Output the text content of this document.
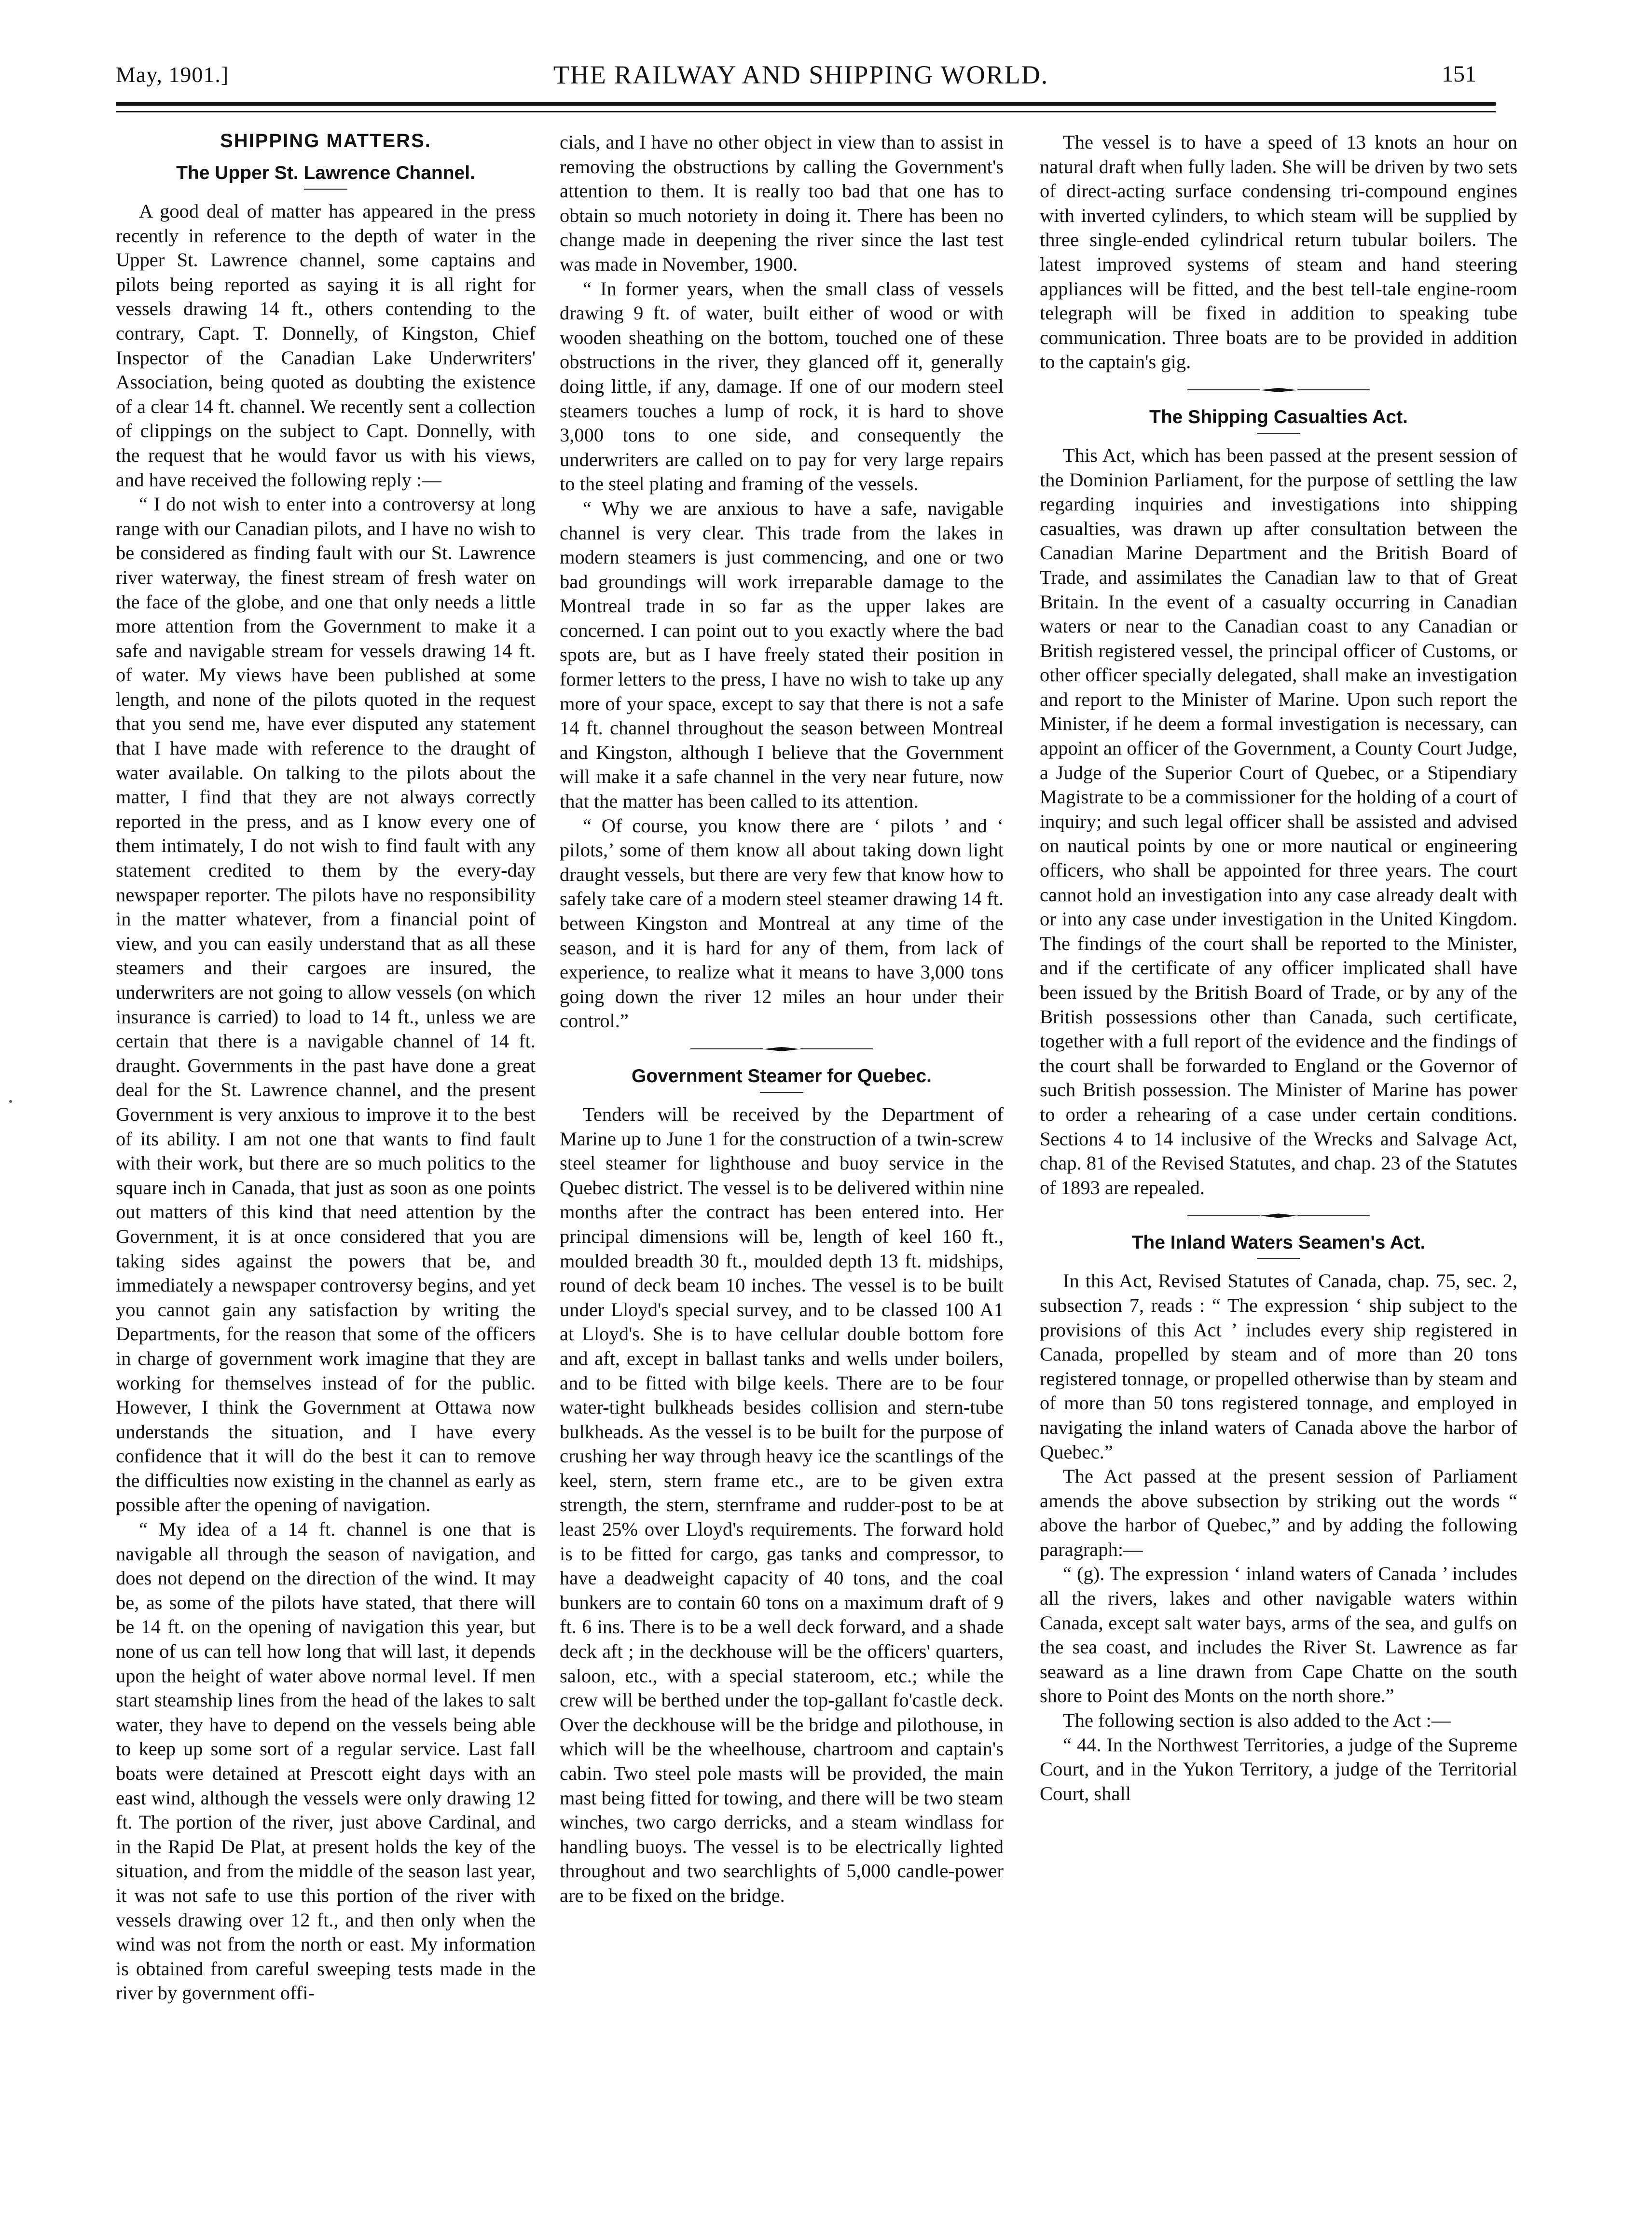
May, 1901.]	THE RAILWAY AND SHIPPING WORLD.	151
SHIPPING MATTERS.
The Upper St. Lawrence Channel.

A good deal of matter has appeared in the press recently in reference to the depth of water in the Upper St. Lawrence channel, some captains and pilots being reported as saying it is all right for vessels drawing 14 ft., others contending to the contrary, Capt. T. Donnelly, of Kingston, Chief Inspector of the Canadian Lake Underwriters' Association, being quoted as doubting the existence of a clear 14 ft. channel. We recently sent a collection of clippings on the subject to Capt. Donnelly, with the request that he would favor us with his views, and have received the following reply :—

“ I do not wish to enter into a controversy at long range with our Canadian pilots, and I have no wish to be considered as finding fault with our St. Lawrence river waterway, the finest stream of fresh water on the face of the globe, and one that only needs a little more attention from the Government to make it a safe and navigable stream for vessels drawing 14 ft. of water. My views have been published at some length, and none of the pilots quoted in the request that you send me, have ever disputed any statement that I have made with reference to the draught of water available. On talking to the pilots about the matter, I find that they are not always correctly reported in the press, and as I know every one of them intimately, I do not wish to find fault with any statement credited to them by the every-day newspaper reporter. The pilots have no responsibility in the matter whatever, from a financial point of view, and you can easily understand that as all these steamers and their cargoes are insured, the underwriters are not going to allow vessels (on which insurance is carried) to load to 14 ft., unless we are certain that there is a navigable channel of 14 ft. draught. Governments in the past have done a great deal for the St. Lawrence channel, and the present Government is very anxious to improve it to the best of its ability. I am not one that wants to find fault with their work, but there are so much politics to the square inch in Canada, that just as soon as one points out matters of this kind that need attention by the Government, it is at once considered that you are taking sides against the powers that be, and immediately a newspaper controversy begins, and yet you cannot gain any satisfaction by writing the Departments, for the reason that some of the officers in charge of government work imagine that they are working for themselves instead of for the public. However, I think the Government at Ottawa now understands the situation, and I have every confidence that it will do the best it can to remove the difficulties now existing in the channel as early as possible after the opening of navigation.

“ My idea of a 14 ft. channel is one that is navigable all through the season of navigation, and does not depend on the direction of the wind. It may be, as some of the pilots have stated, that there will be 14 ft. on the opening of navigation this year, but none of us can tell how long that will last, it depends upon the height of water above normal level. If men start steamship lines from the head of the lakes to salt water, they have to depend on the vessels being able to keep up some sort of a regular service. Last fall boats were detained at Prescott eight days with an east wind, although the vessels were only drawing 12 ft. The portion of the river, just above Cardinal, and in the Rapid De Plat, at present holds the key of the situation, and from the middle of the season last year, it was not safe to use this portion of the river with vessels drawing over 12 ft., and then only when the wind was not from the north or east. My information is obtained from careful sweeping tests made in the river by government offi-

cials, and I have no other object in view than to assist in removing the obstructions by calling the Government's attention to them. It is really too bad that one has to obtain so much notoriety in doing it. There has been no change made in deepening the river since the last test was made in November, 1900.

“ In former years, when the small class of vessels drawing 9 ft. of water, built either of wood or with wooden sheathing on the bottom, touched one of these obstructions in the river, they glanced off it, generally doing little, if any, damage. If one of our modern steel steamers touches a lump of rock, it is hard to shove 3,000 tons to one side, and consequently the underwriters are called on to pay for very large repairs to the steel plating and framing of the vessels.

“ Why we are anxious to have a safe, navigable channel is very clear. This trade from the lakes in modern steamers is just commencing, and one or two bad groundings will work irreparable damage to the Montreal trade in so far as the upper lakes are concerned. I can point out to you exactly where the bad spots are, but as I have freely stated their position in former letters to the press, I have no wish to take up any more of your space, except to say that there is not a safe 14 ft. channel throughout the season between Montreal and Kingston, although I believe that the Government will make it a safe channel in the very near future, now that the matter has been called to its attention.

“ Of course, you know there are ‘ pilots ’ and ‘ pilots,’ some of them know all about taking down light draught vessels, but there are very few that know how to safely take care of a modern steel steamer drawing 14 ft. between Kingston and Montreal at any time of the season, and it is hard for any of them, from lack of experience, to realize what it means to have 3,000 tons going down the river 12 miles an hour under their control.”

Government Steamer for Quebec.

Tenders will be received by the Department of Marine up to June 1 for the construction of a twin-screw steel steamer for lighthouse and buoy service in the Quebec district. The vessel is to be delivered within nine months after the contract has been entered into. Her principal dimensions will be, length of keel 160 ft., moulded breadth 30 ft., moulded depth 13 ft. midships, round of deck beam 10 inches. The vessel is to be built under Lloyd's special survey, and to be classed 100 A1 at Lloyd's. She is to have cellular double bottom fore and aft, except in ballast tanks and wells under boilers, and to be fitted with bilge keels. There are to be four water-tight bulkheads besides collision and stern-tube bulkheads. As the vessel is to be built for the purpose of crushing her way through heavy ice the scantlings of the keel, stern, stern frame etc., are to be given extra strength, the stern, sternframe and rudder-post to be at least 25% over Lloyd's requirements. The forward hold is to be fitted for cargo, gas tanks and compressor, to have a deadweight capacity of 40 tons, and the coal bunkers are to contain 60 tons on a maximum draft of 9 ft. 6 ins. There is to be a well deck forward, and a shade deck aft ; in the deckhouse will be the officers' quarters, saloon, etc., with a special stateroom, etc.; while the crew will be berthed under the top-gallant fo'castle deck. Over the deckhouse will be the bridge and pilothouse, in which will be the wheelhouse, chartroom and captain's cabin. Two steel pole masts will be provided, the main mast being fitted for towing, and there will be two steam winches, two cargo derricks, and a steam windlass for handling buoys. The vessel is to be electrically lighted throughout and two searchlights of 5,000 candle-power are to be fixed on the bridge.

The vessel is to have a speed of 13 knots an hour on natural draft when fully laden. She will be driven by two sets of direct-acting surface condensing tri-compound engines with inverted cylinders, to which steam will be supplied by three single-ended cylindrical return tubular boilers. The latest improved systems of steam and hand steering appliances will be fitted, and the best tell-tale engine-room telegraph will be fixed in addition to speaking tube communication. Three boats are to be provided in addition to the captain's gig.

The Shipping Casualties Act.

This Act, which has been passed at the present session of the Dominion Parliament, for the purpose of settling the law regarding inquiries and investigations into shipping casualties, was drawn up after consultation between the Canadian Marine Department and the British Board of Trade, and assimilates the Canadian law to that of Great Britain. In the event of a casualty occurring in Canadian waters or near to the Canadian coast to any Canadian or British registered vessel, the principal officer of Customs, or other officer specially delegated, shall make an investigation and report to the Minister of Marine. Upon such report the Minister, if he deem a formal investigation is necessary, can appoint an officer of the Government, a County Court Judge, a Judge of the Superior Court of Quebec, or a Stipendiary Magistrate to be a commissioner for the holding of a court of inquiry; and such legal officer shall be assisted and advised on nautical points by one or more nautical or engineering officers, who shall be appointed for three years. The court cannot hold an investigation into any case already dealt with or into any case under investigation in the United Kingdom. The findings of the court shall be reported to the Minister, and if the certificate of any officer implicated shall have been issued by the British Board of Trade, or by any of the British possessions other than Canada, such certificate, together with a full report of the evidence and the findings of the court shall be forwarded to England or the Governor of such British possession. The Minister of Marine has power to order a rehearing of a case under certain conditions. Sections 4 to 14 inclusive of the Wrecks and Salvage Act, chap. 81 of the Revised Statutes, and chap. 23 of the Statutes of 1893 are repealed.

The Inland Waters Seamen's Act.

In this Act, Revised Statutes of Canada, chap. 75, sec. 2, subsection 7, reads : “ The expression ‘ ship subject to the provisions of this Act ’ includes every ship registered in Canada, propelled by steam and of more than 20 tons registered tonnage, or propelled otherwise than by steam and of more than 50 tons registered tonnage, and employed in navigating the inland waters of Canada above the harbor of Quebec.”

The Act passed at the present session of Parliament amends the above subsection by striking out the words “ above the harbor of Quebec,” and by adding the following paragraph:—

“ (g). The expression ‘ inland waters of Canada ’ includes all the rivers, lakes and other navigable waters within Canada, except salt water bays, arms of the sea, and gulfs on the sea coast, and includes the River St. Lawrence as far seaward as a line drawn from Cape Chatte on the south shore to Point des Monts on the north shore.”

The following section is also added to the Act :—

“ 44. In the Northwest Territories, a judge of the Supreme Court, and in the Yukon Territory, a judge of the Territorial Court, shall
